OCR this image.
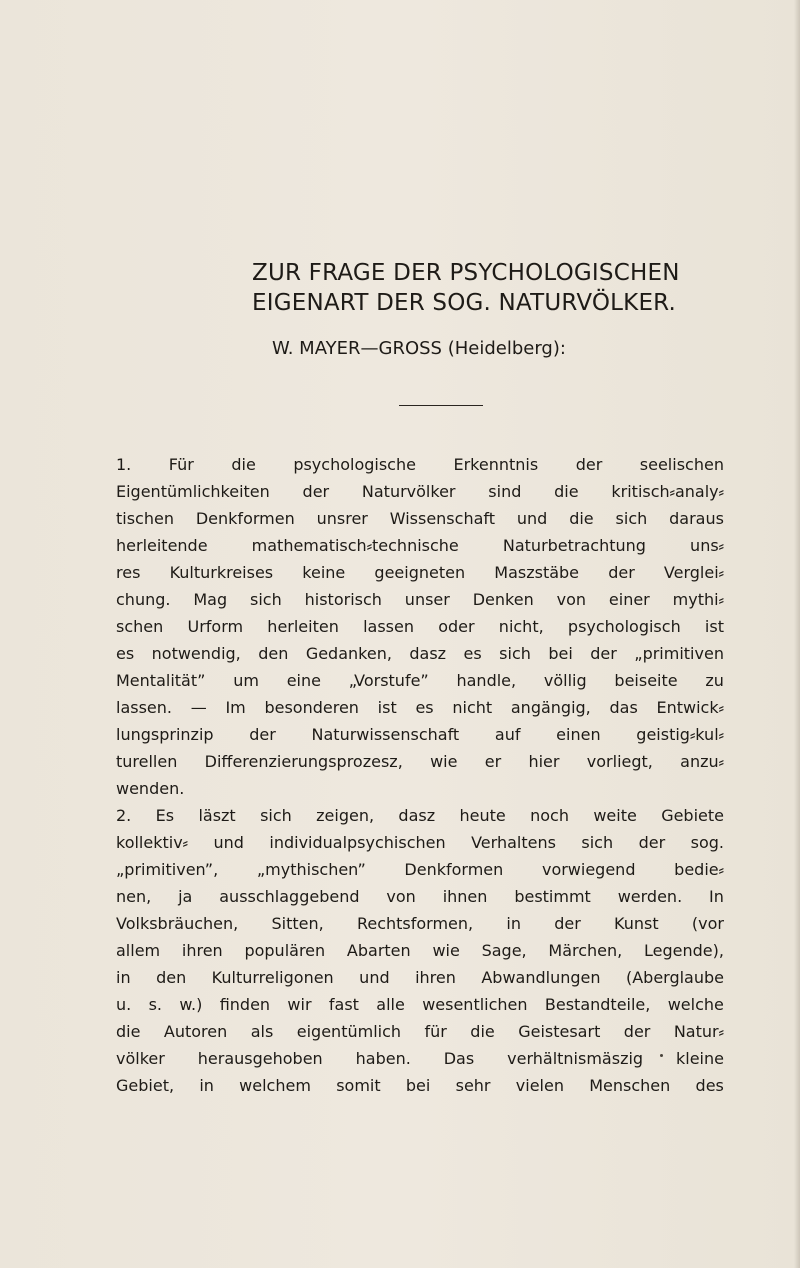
ZUR FRAGE DER PSYCHOLOGISCHEN
EIGENART DER SOG. NATURVÖLKER.
W. MAYER—GROSS (Heidelberg):
1. Für die psychologische Erkenntnis der seelischen
Eigentümlichkeiten der Naturvölker sind die kritisch⸗analy⸗
tischen Denkformen unsrer Wissenschaft und die sich daraus
herleitende	mathematisch⸗technische	Naturbetrachtung	uns⸗
res Kulturkreises keine geeigneten Maszstäbe der Verglei⸗
chung. Mag sich historisch unser Denken von einer mythi⸗
schen Urform herleiten lassen oder nicht, psychologisch ist
es notwendig, den Gedanken, dasz es sich bei der „primitiven
Mentalität” um eine „Vorstufe” handle, völlig beiseite zu
lassen. — Im besonderen ist es nicht angängig, das Entwick⸗
lungsprinzip der Naturwissenschaft auf einen geistig⸗kul⸗
turellen Differenzierungsprozesz, wie er hier vorliegt, anzu⸗
wenden.
2. Es läszt sich zeigen, dasz heute noch weite Gebiete
kollektiv⸗ und individualpsychischen Verhaltens sich der sog.
„primitiven”, „mythischen” Denkformen vorwiegend bedie⸗
nen, ja ausschlaggebend von ihnen bestimmt werden. In
Volksbräuchen, Sitten, Rechtsformen, in der Kunst (vor
allem ihren populären Abarten wie Sage, Märchen, Legende),
in den Kulturreligonen und ihren Abwandlungen (Aberglaube
u. s. w.) finden wir fast alle wesentlichen Bestandteile, welche
die Autoren als eigentümlich für die Geistesart der Natur⸗
völker herausgehoben haben. Das verhältnismäszig kleine
Gebiet, in welchem somit bei sehr vielen Menschen des
